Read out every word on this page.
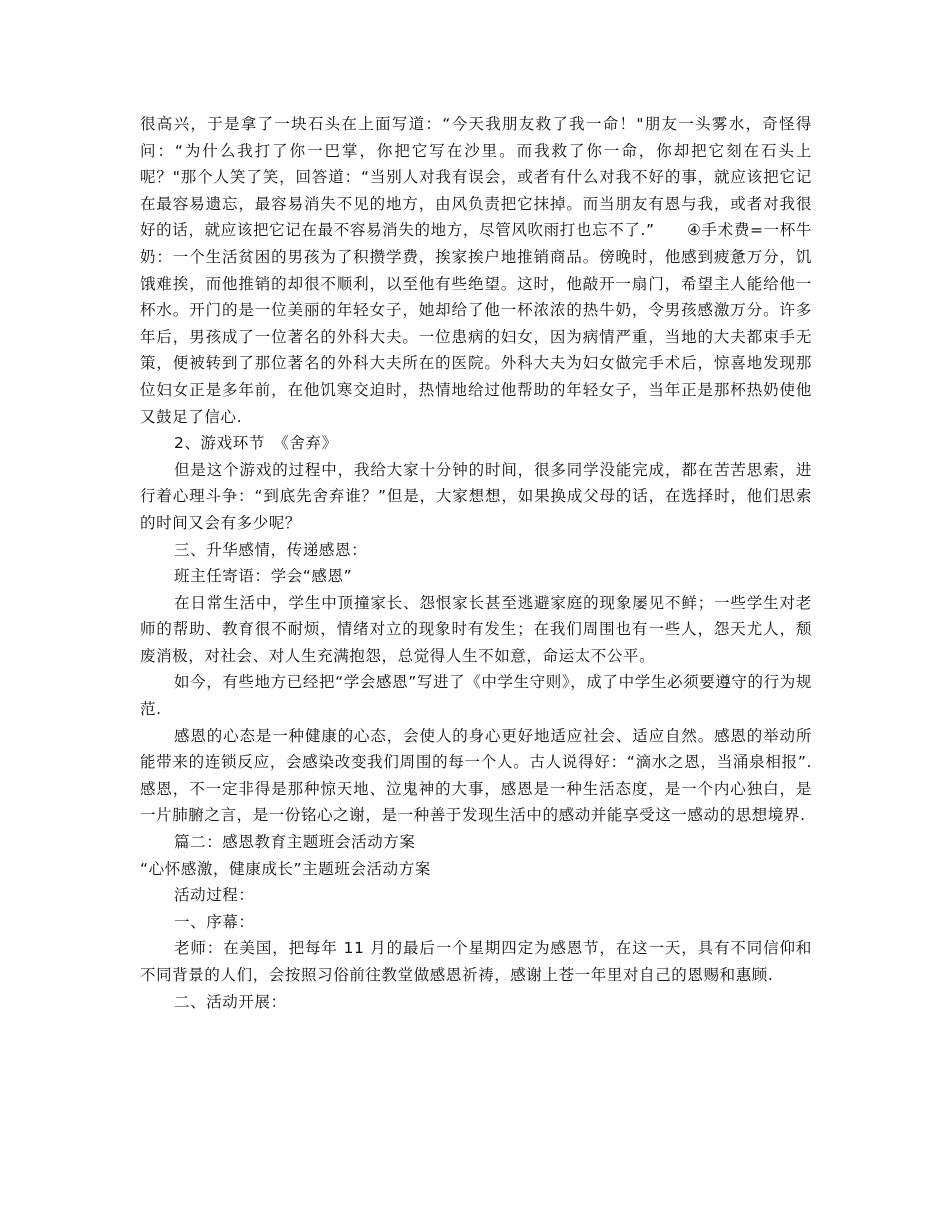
很高兴，于是拿了一块石头在上面写道：“今天我朋友救了我一命！"朋友一头雾水，奇怪得问：“为什么我打了你一巴掌，你把它写在沙里。而我救了你一命，你却把它刻在石头上呢？"那个人笑了笑，回答道：“当别人对我有误会，或者有什么对我不好的事，就应该把它记在最容易遗忘，最容易消失不见的地方，由风负责把它抹掉。而当朋友有恩与我，或者对我很好的话，就应该把它记在最不容易消失的地方，尽管风吹雨打也忘不了.”　　④手术费=一杯牛奶：一个生活贫困的男孩为了积攒学费，挨家挨户地推销商品。傍晚时，他感到疲惫万分，饥饿难挨，而他推销的却很不顺利，以至他有些绝望。这时，他敲开一扇门，希望主人能给他一杯水。开门的是一位美丽的年轻女子，她却给了他一杯浓浓的热牛奶，令男孩感激万分。许多年后，男孩成了一位著名的外科大夫。一位患病的妇女，因为病情严重，当地的大夫都束手无策，便被转到了那位著名的外科大夫所在的医院。外科大夫为妇女做完手术后，惊喜地发现那位妇女正是多年前，在他饥寒交迫时，热情地给过他帮助的年轻女子，当年正是那杯热奶使他又鼓足了信心.

2、游戏环节　《舍弃》

但是这个游戏的过程中，我给大家十分钟的时间，很多同学没能完成，都在苦苦思索，进行着心理斗争：“到底先舍弃谁？”但是，大家想想，如果换成父母的话，在选择时，他们思索的时间又会有多少呢？

三、升华感情，传递感恩：

班主任寄语：学会“感恩”

在日常生活中，学生中顶撞家长、怨恨家长甚至逃避家庭的现象屡见不鲜；一些学生对老师的帮助、教育很不耐烦，情绪对立的现象时有发生；在我们周围也有一些人，怨天尤人，颓废消极，对社会、对人生充满抱怨，总觉得人生不如意，命运太不公平。

如今，有些地方已经把“学会感恩”写进了《中学生守则》，成了中学生必须要遵守的行为规范.

感恩的心态是一种健康的心态，会使人的身心更好地适应社会、适应自然。感恩的举动所能带来的连锁反应，会感染改变我们周围的每一个人。古人说得好：“滴水之恩，当涌泉相报”.感恩，不一定非得是那种惊天地、泣鬼神的大事，感恩是一种生活态度，是一个内心独白，是一片肺腑之言，是一份铭心之谢，是一种善于发现生活中的感动并能享受这一感动的思想境界.

篇二：感恩教育主题班会活动方案

“心怀感激，健康成长”主题班会活动方案

活动过程：

一、序幕：

老师：在美国，把每年 11 月的最后一个星期四定为感恩节，在这一天，具有不同信仰和不同背景的人们，会按照习俗前往教堂做感恩祈祷，感谢上苍一年里对自己的恩赐和惠顾.

二、活动开展：
